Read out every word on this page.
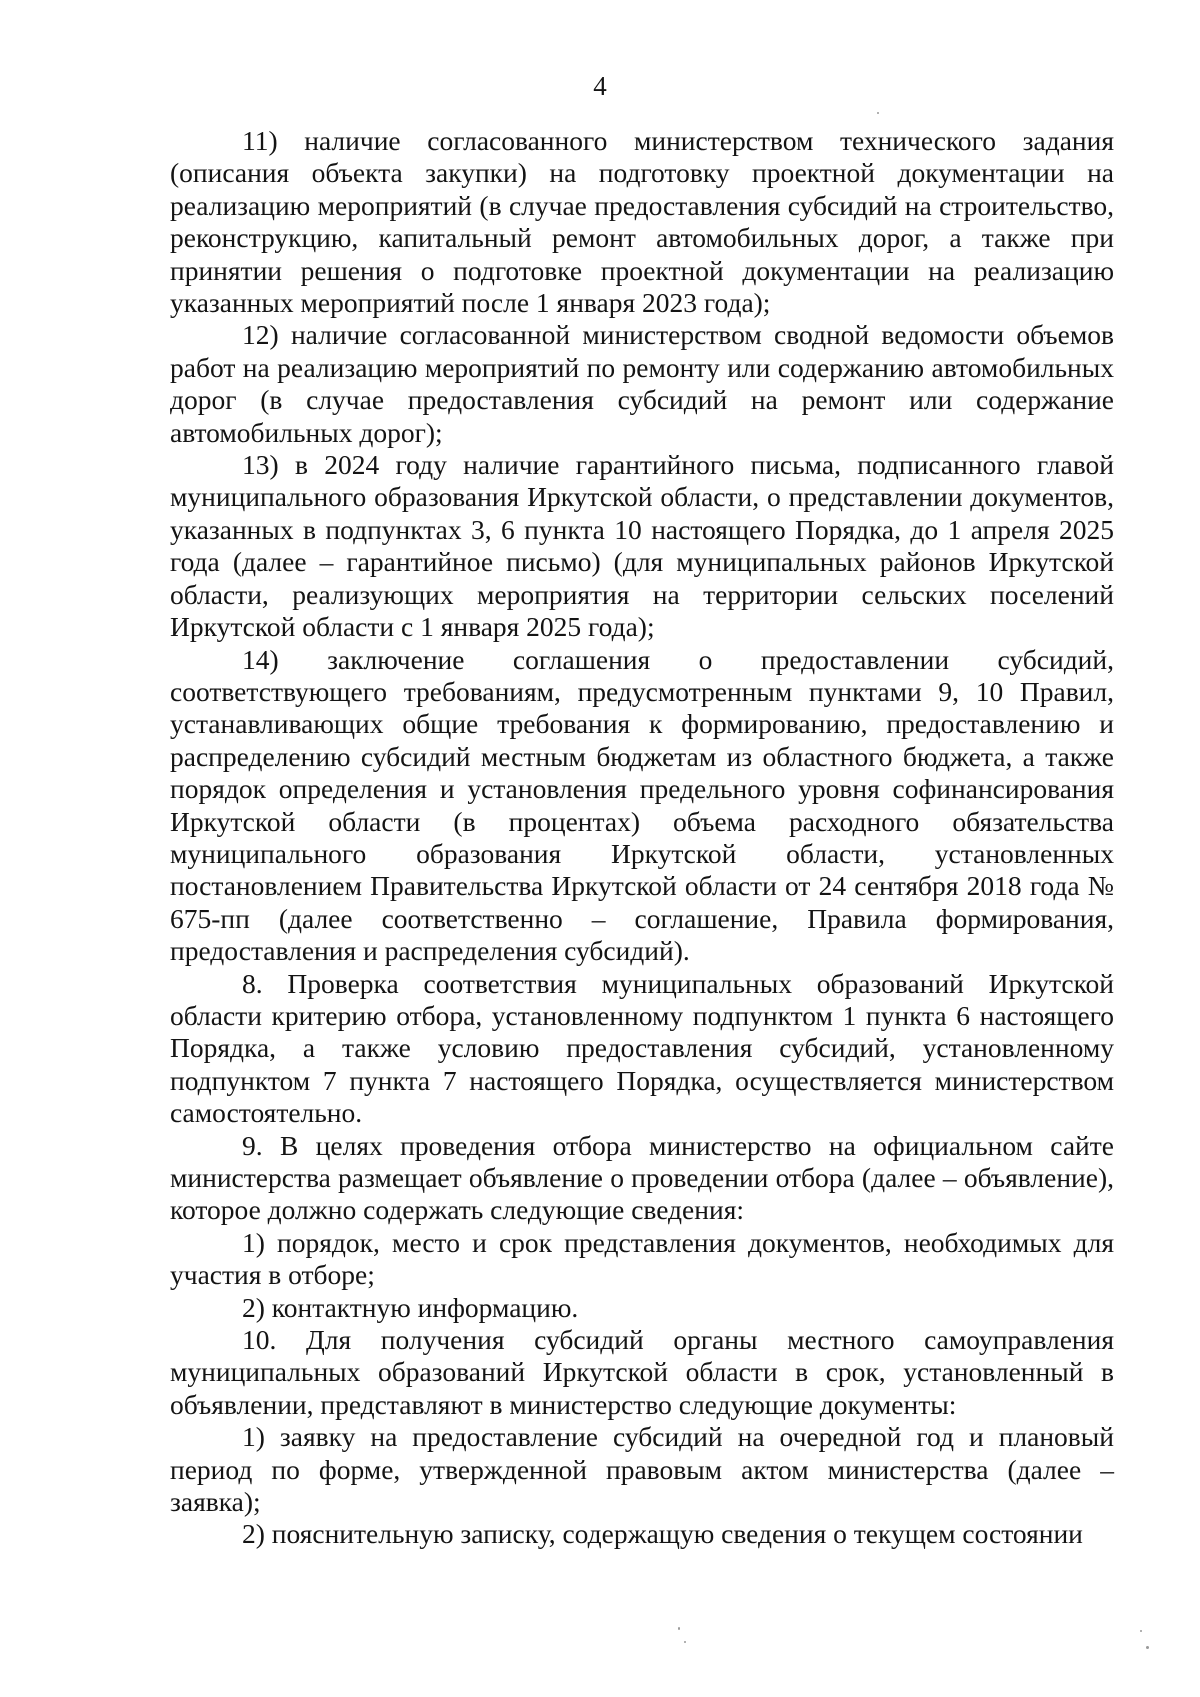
4

11) наличие согласованного министерством технического задания (описания объекта закупки) на подготовку проектной документации на реализацию мероприятий (в случае предоставления субсидий на строительство, реконструкцию, капитальный ремонт автомобильных дорог, а также при принятии решения о подготовке проектной документации на реализацию указанных мероприятий после 1 января 2023 года);

12) наличие согласованной министерством сводной ведомости объемов работ на реализацию мероприятий по ремонту или содержанию автомобильных дорог (в случае предоставления субсидий на ремонт или содержание автомобильных дорог);

13) в 2024 году наличие гарантийного письма, подписанного главой муниципального образования Иркутской области, о представлении документов, указанных в подпунктах 3, 6 пункта 10 настоящего Порядка, до 1 апреля 2025 года (далее – гарантийное письмо) (для муниципальных районов Иркутской области, реализующих мероприятия на территории сельских поселений Иркутской области с 1 января 2025 года);

14) заключение соглашения о предоставлении субсидий, соответствующего требованиям, предусмотренным пунктами 9, 10 Правил, устанавливающих общие требования к формированию, предоставлению и распределению субсидий местным бюджетам из областного бюджета, а также порядок определения и установления предельного уровня софинансирования Иркутской области (в процентах) объема расходного обязательства муниципального образования Иркутской области, установленных постановлением Правительства Иркутской области от 24 сентября 2018 года № 675-пп (далее соответственно – соглашение, Правила формирования, предоставления и распределения субсидий).

8. Проверка соответствия муниципальных образований Иркутской области критерию отбора, установленному подпунктом 1 пункта 6 настоящего Порядка, а также условию предоставления субсидий, установленному подпунктом 7 пункта 7 настоящего Порядка, осуществляется министерством самостоятельно.

9. В целях проведения отбора министерство на официальном сайте министерства размещает объявление о проведении отбора (далее – объявление), которое должно содержать следующие сведения:

1) порядок, место и срок представления документов, необходимых для участия в отборе;

2) контактную информацию.

10. Для получения субсидий органы местного самоуправления муниципальных образований Иркутской области в срок, установленный в объявлении, представляют в министерство следующие документы:

1) заявку на предоставление субсидий на очередной год и плановый период по форме, утвержденной правовым актом министерства (далее – заявка);

2) пояснительную записку, содержащую сведения о текущем состоянии
